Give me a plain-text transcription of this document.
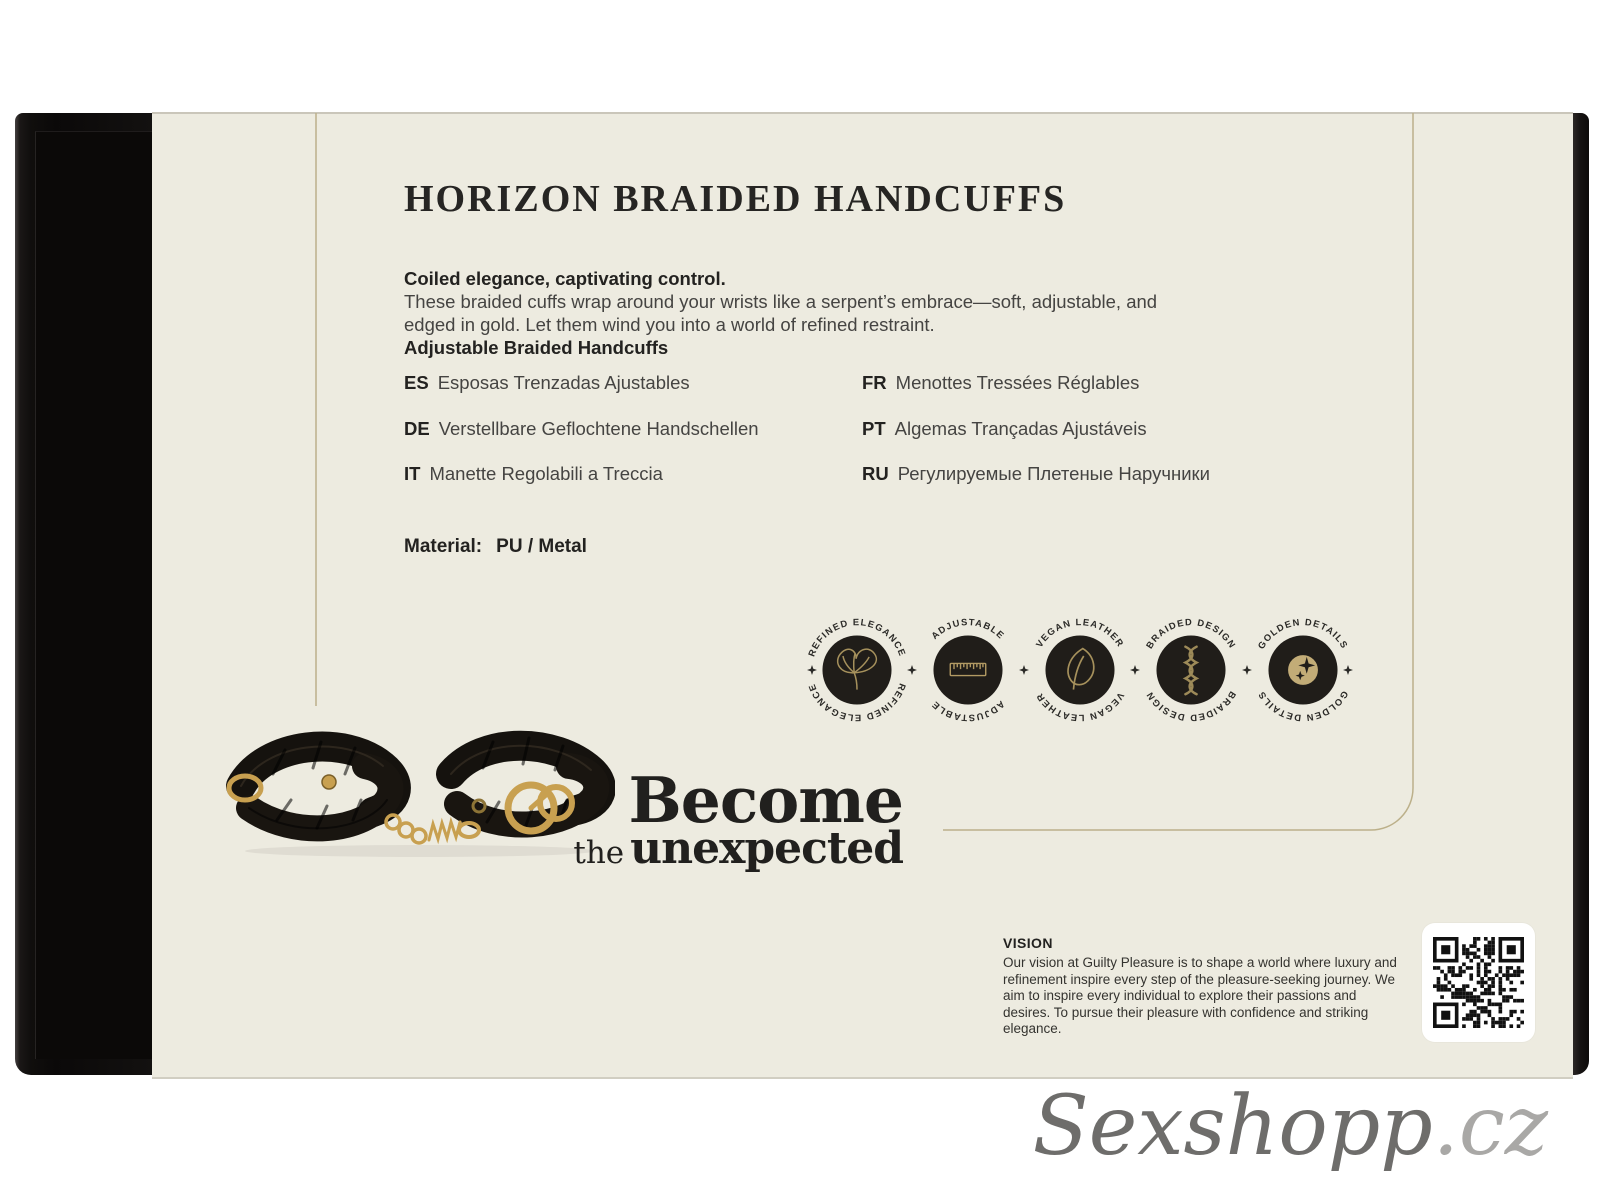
HORIZON BRAIDED HANDCUFFS
Coiled elegance, captivating control.
These braided cuffs wrap around your wrists like a serpent’s embrace—soft, adjustable, and
edged in gold. Let them wind you into a world of refined restraint.
Adjustable Braided Handcuffs
ES Esposas Trenzadas Ajustables
DE Verstellbare Geflochtene Handschellen
IT Manette Regolabili a Treccia
FR Menottes Tressées Réglables
PT Algemas Trançadas Ajustáveis
RU Регулируемые Плетеные Наручники
Material: PU / Metal
REFINED ELEGANCE
REFINED ELEGANCE
ADJUSTABLE
ADJUSTABLE
VEGAN LEATHER
VEGAN LEATHER
BRAIDED DESIGN
BRAIDED DESIGN
GOLDEN DETAILS
GOLDEN DETAILS
Become
the unexpected
VISION
Our vision at Guilty Pleasure is to shape a world where luxury and refinement inspire every step of the pleasure-seeking journey. We aim to inspire every individual to explore their passions and desires. To pursue their pleasure with confidence and striking elegance.
Sexshopp.cz
